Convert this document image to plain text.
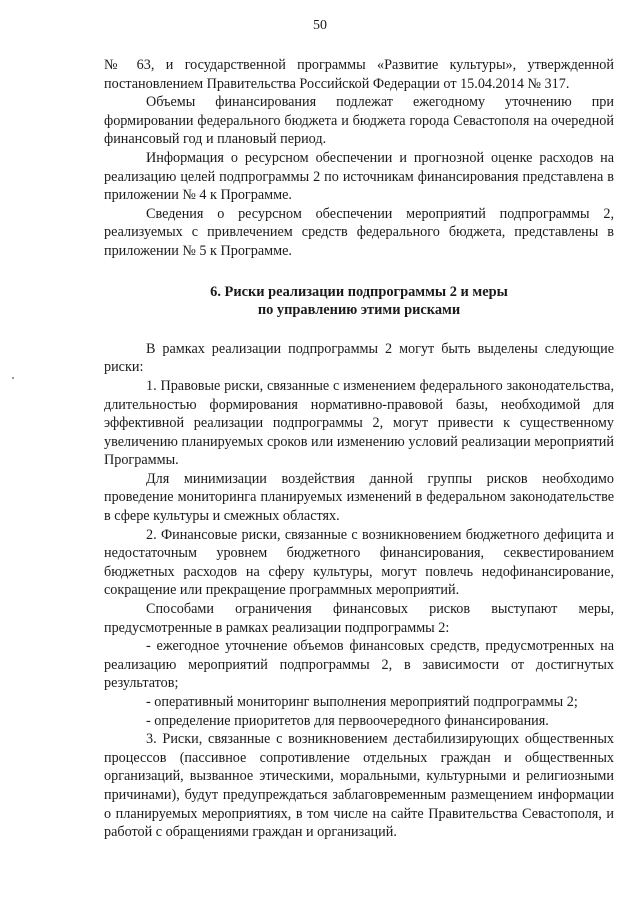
50

№ 63, и государственной программы «Развитие культуры», утвержденной постановлением Правительства Российской Федерации от 15.04.2014 № 317.

Объемы финансирования подлежат ежегодному уточнению при формировании федерального бюджета и бюджета города Севастополя на очередной финансовый год и плановый период.

Информация о ресурсном обеспечении и прогнозной оценке расходов на реализацию целей подпрограммы 2 по источникам финансирования представлена в приложении № 4 к Программе.

Сведения о ресурсном обеспечении мероприятий подпрограммы 2, реализуемых с привлечением средств федерального бюджета, представлены в приложении № 5 к Программе.

6. Риски реализации подпрограммы 2 и меры
по управлению этими рисками

В рамках реализации подпрограммы 2 могут быть выделены следующие риски:

1. Правовые риски, связанные с изменением федерального законодательства, длительностью формирования нормативно-правовой базы, необходимой для эффективной реализации подпрограммы 2, могут привести к существенному увеличению планируемых сроков или изменению условий реализации мероприятий Программы.

Для минимизации воздействия данной группы рисков необходимо проведение мониторинга планируемых изменений в федеральном законодательстве в сфере культуры и смежных областях.

2. Финансовые риски, связанные с возникновением бюджетного дефицита и недостаточным уровнем бюджетного финансирования, секвестированием бюджетных расходов на сферу культуры, могут повлечь недофинансирование, сокращение или прекращение программных мероприятий.

Способами ограничения финансовых рисков выступают меры, предусмотренные в рамках реализации подпрограммы 2:

- ежегодное уточнение объемов финансовых средств, предусмотренных на реализацию мероприятий подпрограммы 2, в зависимости от достигнутых результатов;

- оперативный мониторинг выполнения мероприятий подпрограммы 2;

- определение приоритетов для первоочередного финансирования.

3. Риски, связанные с возникновением дестабилизирующих общественных процессов (пассивное сопротивление отдельных граждан и общественных организаций, вызванное этическими, моральными, культурными и религиозными причинами), будут предупреждаться заблаговременным размещением информации о планируемых мероприятиях, в том числе на сайте Правительства Севастополя, и работой с обращениями граждан и организаций.
